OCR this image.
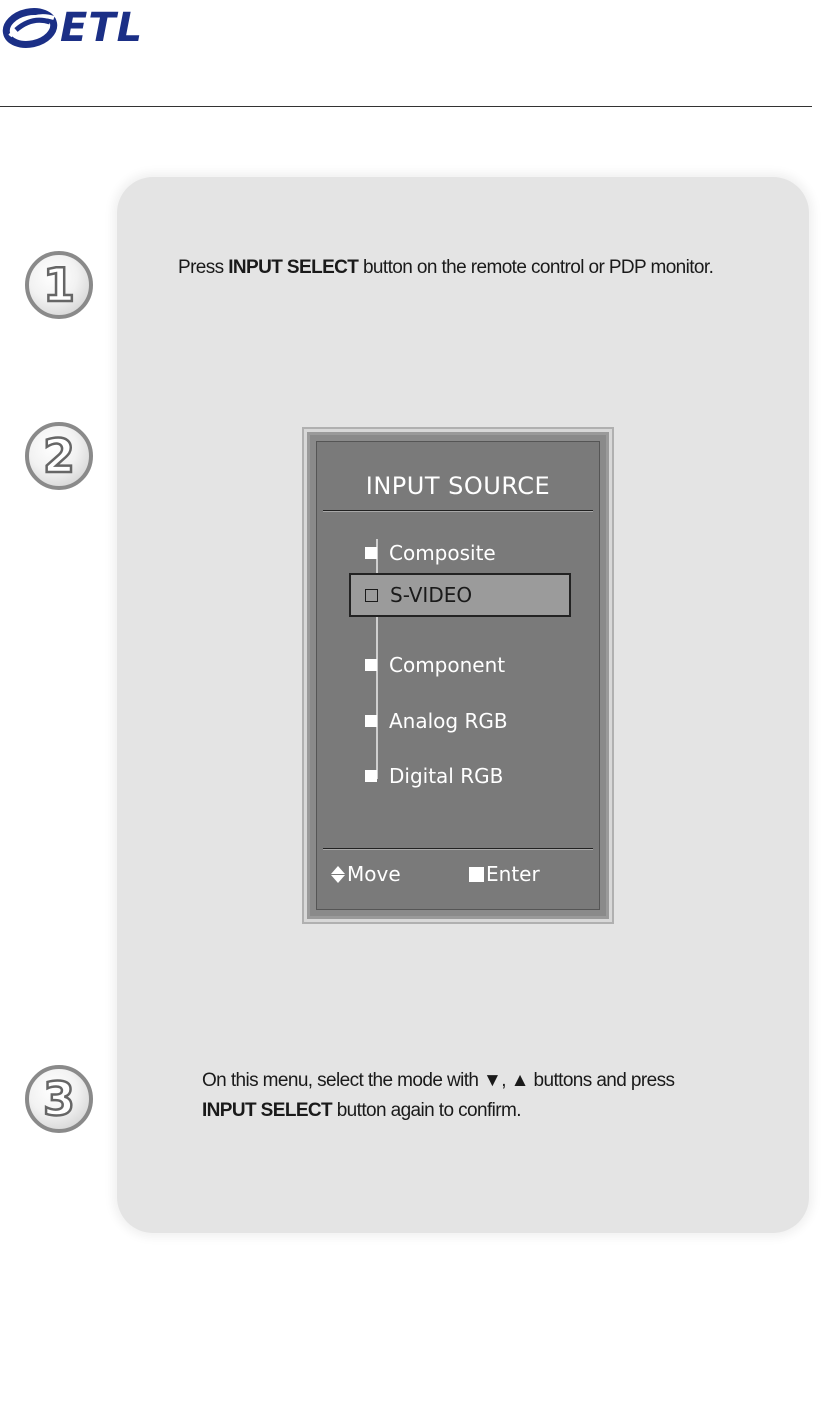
ETL
1
2
3
Press INPUT SELECT button on the remote control or PDP monitor.
INPUT SOURCE
Composite
S-VIDEO
Component
Analog RGB
Digital RGB
Move	Enter
On this menu, select the mode with ▼, ▲ buttons and press
INPUT SELECT button again to confirm.
